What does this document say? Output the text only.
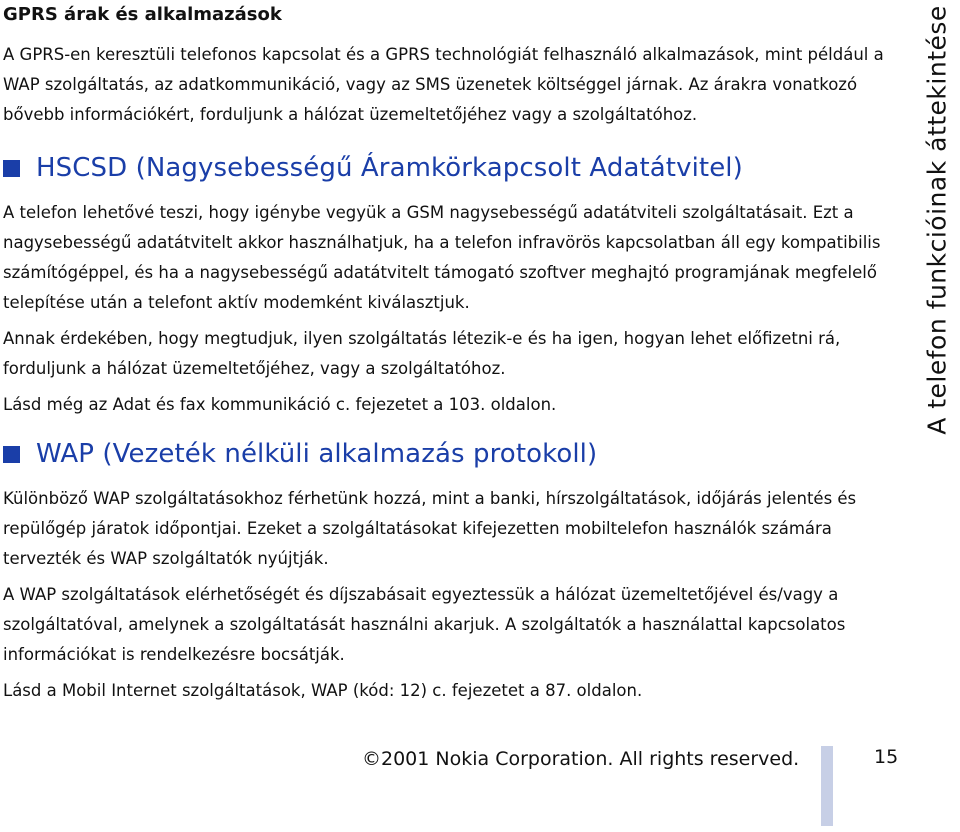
GPRS árak és alkalmazások

A GPRS-en keresztüli telefonos kapcsolat és a GPRS technológiát felhasználó alkalmazások, mint például a WAP szolgáltatás, az adatkommunikáció, vagy az SMS üzenetek költséggel járnak. Az árakra vonatkozó bővebb információkért, forduljunk a hálózat üzemeltetőjéhez vagy a szolgáltatóhoz.

HSCSD (Nagysebességű Áramkörkapcsolt Adatátvitel)

A telefon lehetővé teszi, hogy igénybe vegyük a GSM nagysebességű adatátviteli szolgáltatásait. Ezt a nagysebességű adatátvitelt akkor használhatjuk, ha a telefon infravörös kapcsolatban áll egy kompatibilis számítógéppel, és ha a nagysebességű adatátvitelt támogató szoftver meghajtó programjának megfelelő telepítése után a telefont aktív modemként kiválasztjuk.

Annak érdekében, hogy megtudjuk, ilyen szolgáltatás létezik-e és ha igen, hogyan lehet előfizetni rá, forduljunk a hálózat üzemeltetőjéhez, vagy a szolgáltatóhoz.

Lásd még az Adat és fax kommunikáció c. fejezetet a 103. oldalon.

WAP (Vezeték nélküli alkalmazás protokoll)

Különböző WAP szolgáltatásokhoz férhetünk hozzá, mint a banki, hírszolgáltatások, időjárás jelentés és repülőgép járatok időpontjai. Ezeket a szolgáltatásokat kifejezetten mobiltelefon használók számára tervezték és WAP szolgáltatók nyújtják.

A WAP szolgáltatások elérhetőségét és díjszabásait egyeztessük a hálózat üzemeltetőjével és/vagy a szolgáltatóval, amelynek a szolgáltatását használni akarjuk. A szolgáltatók a használattal kapcsolatos információkat is rendelkezésre bocsátják.

Lásd a Mobil Internet szolgáltatások, WAP (kód: 12) c. fejezetet a 87. oldalon.

A telefon funkcióinak áttekintése
©2001 Nokia Corporation. All rights reserved.	15
